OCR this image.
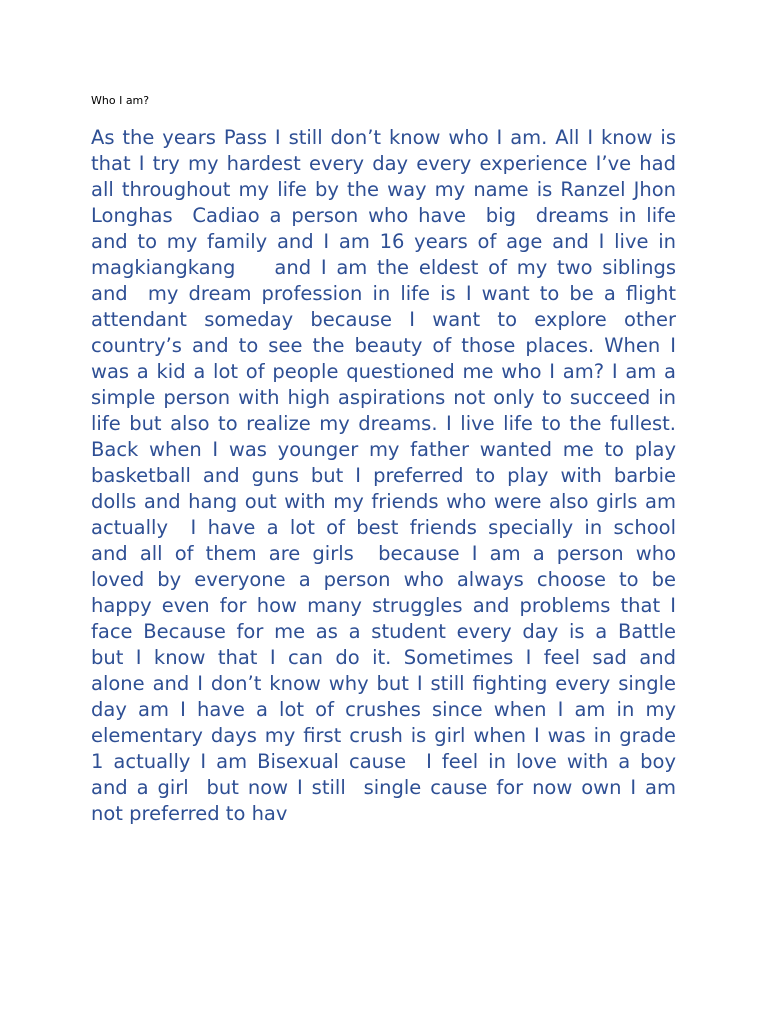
Who I am?
As the years Pass I still don’t know who I am. All I know is
that I try my hardest every day every experience I’ve had
all throughout my life by the way my name is Ranzel Jhon
Longhas  Cadiao a person who have  big  dreams in life
and to my family and I am 16 years of age and I live in
magkiangkang    and I am the eldest of my two siblings
and  my dream profession in life is I want to be a flight
attendant someday because I want to explore other
country’s and to see the beauty of those places. When I
was a kid a lot of people questioned me who I am? I am a
simple person with high aspirations not only to succeed in
life but also to realize my dreams. I live life to the fullest.
Back when I was younger my father wanted me to play
basketball and guns but I preferred to play with barbie
dolls and hang out with my friends who were also girls am
actually  I have a lot of best friends specially in school
and all of them are girls  because I am a person who
loved by everyone a person who always choose to be
happy even for how many struggles and problems that I
face Because for me as a student every day is a Battle
but I know that I can do it. Sometimes I feel sad and
alone and I don’t know why but I still fighting every single
day am I have a lot of crushes since when I am in my
elementary days my first crush is girl when I was in grade
1 actually I am Bisexual cause  I feel in love with a boy
and a girl  but now I still  single cause for now own I am
not preferred to hav
